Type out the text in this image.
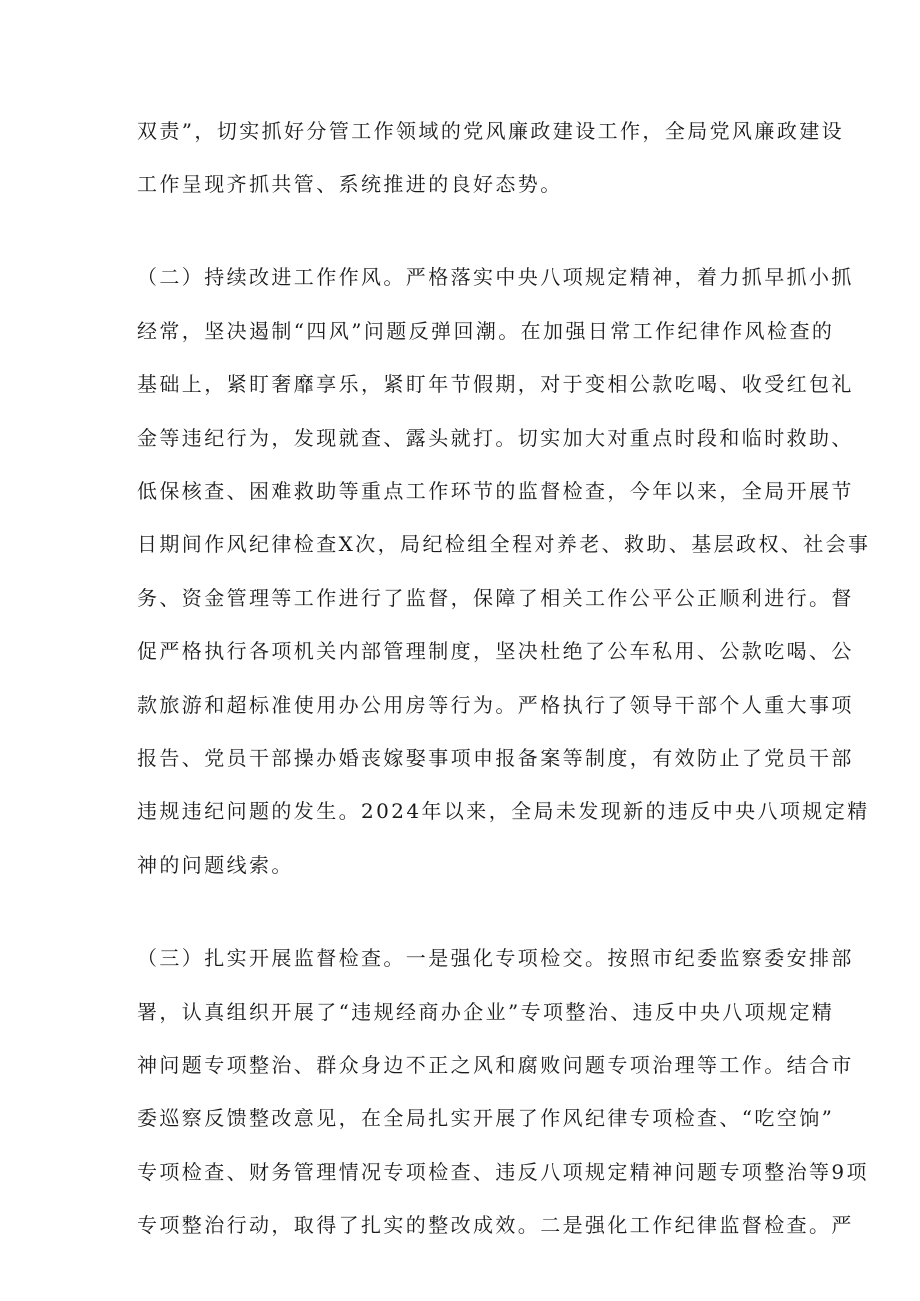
双责”，切实抓好分管工作领域的党风廉政建设工作，全局党风廉政建设
工作呈现齐抓共管、系统推进的良好态势。
（二）持续改进工作作风。严格落实中央八项规定精神，着力抓早抓小抓
经常，坚决遏制“四风”问题反弹回潮。在加强日常工作纪律作风检查的
基础上，紧盯奢靡享乐，紧盯年节假期，对于变相公款吃喝、收受红包礼
金等违纪行为，发现就查、露头就打。切实加大对重点时段和临时救助、
低保核查、困难救助等重点工作环节的监督检查，今年以来，全局开展节
日期间作风纪律检查X次，局纪检组全程对养老、救助、基层政权、社会事
务、资金管理等工作进行了监督，保障了相关工作公平公正顺利进行。督
促严格执行各项机关内部管理制度，坚决杜绝了公车私用、公款吃喝、公
款旅游和超标准使用办公用房等行为。严格执行了领导干部个人重大事项
报告、党员干部操办婚丧嫁娶事项申报备案等制度，有效防止了党员干部
违规违纪问题的发生。2024年以来，全局未发现新的违反中央八项规定精
神的问题线索。
（三）扎实开展监督检查。一是强化专项检交。按照市纪委监察委安排部
署，认真组织开展了“违规经商办企业”专项整治、违反中央八项规定精
神问题专项整治、群众身边不正之风和腐败问题专项治理等工作。结合市
委巡察反馈整改意见，在全局扎实开展了作风纪律专项检查、“吃空饷”
专项检查、财务管理情况专项检查、违反八项规定精神问题专项整治等9项
专项整治行动，取得了扎实的整改成效。二是强化工作纪律监督检查。严
